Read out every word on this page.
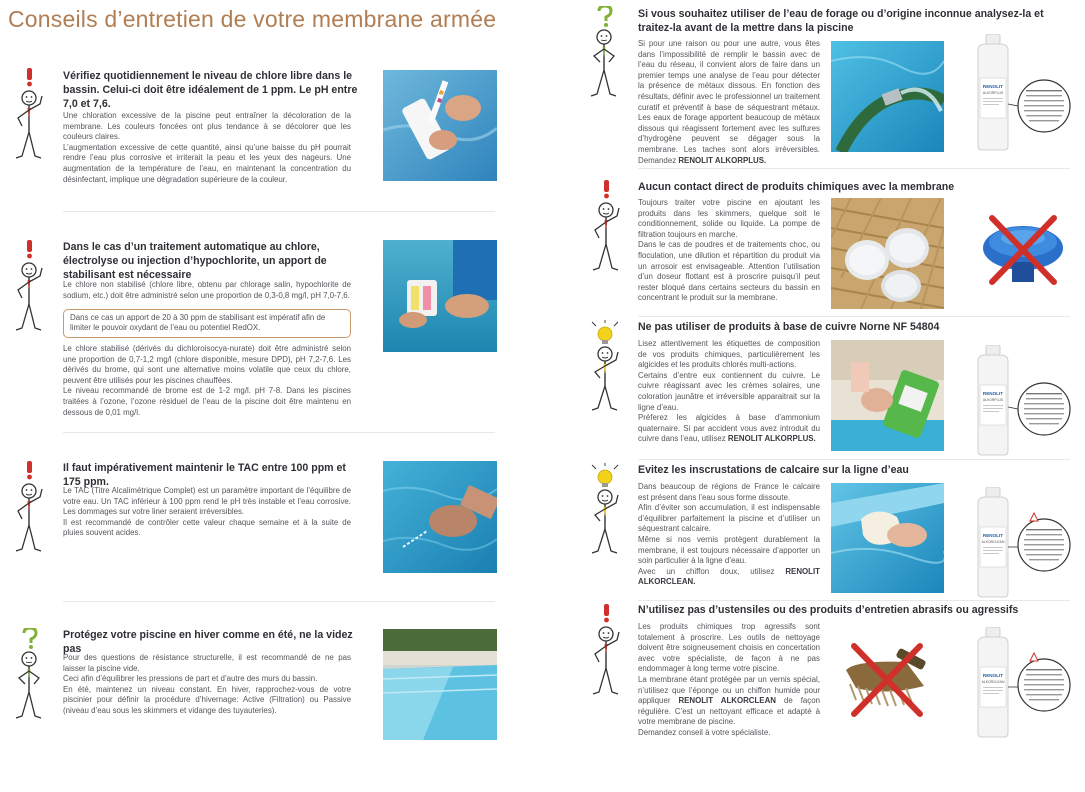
Conseils d’entretien de votre membrane armée
Vérifiez quotidiennement le niveau de chlore libre dans le bassin. Celui-ci doit être idéalement de 1 ppm. Le pH entre 7,0 et 7,6.

Une chloration excessive de la piscine peut entraîner la décoloration de la membrane. Les couleurs foncées ont plus tendance à se décolorer que les couleurs claires.

L’augmentation excessive de cette quantité, ainsi qu’une baisse du pH pourrait rendre l’eau plus corrosive et irriterait la peau et les yeux des nageurs. Une augmentation de la température de l’eau, en maintenant la concentration du désinfectant, implique une dégradation supérieure de la couleur.

Dans le cas d’un traitement automatique au chlore, électrolyse ou injection d’hypochlorite, un apport de stabilisant est nécessaire
Le chlore non stabilisé (chlore libre, obtenu par chlorage salin, hypochlorite de sodium, etc.) doit être administré selon une proportion de 0,3-0,8 mg/l, pH 7,0-7,6.
Dans ce cas un apport de 20 à 30 ppm de stabilisant est impératif afin de limiter le pouvoir oxydant de l’eau ou potentiel RedOX.

Le chlore stabilisé (dérivés du dichloroisocya-nurate) doit être administré selon une proportion de 0,7-1,2 mg/l (chlore disponible, mesure DPD), pH 7,2-7,6. Les dérivés du brome, qui sont une alternative moins volatile que ceux du chlore, peuvent être utilisés pour les piscines chauffées.

Le niveau recommandé de brome est de 1-2 mg/l. pH 7-8. Dans les piscines traitées à l’ozone, l’ozone résiduel de l’eau de la piscine doit être maintenu en dessous de 0,01 mg/l.

Il faut impérativement maintenir le TAC entre 100 ppm et 175 ppm.

Le TAC (Titre Alcalimétrique Complet) est un paramètre important de l’équilibre de votre eau. Un TAC inférieur à 100 ppm rend le pH très instable et l’eau corrosive. Les dommages sur votre liner seraient irréversibles.

Il est recommandé de contrôler cette valeur chaque semaine et à la suite de pluies souvent acides.

Protégez votre piscine en hiver comme en été, ne la videz pas

Pour des questions de résistance structurelle, il est recommandé de ne pas laisser la piscine vide.

Ceci afin d’équilibrer les pressions de part et d’autre des murs du bassin.

En été, maintenez un niveau constant. En hiver, rapprochez-vous de votre piscinier pour définir la procédure d’hivernage: Active (Filtration) ou Passive (niveau d’eau sous les skimmers et vidange des tuyauteries).

Si vous souhaitez utiliser de l’eau de forage ou d’origine inconnue analysez-la et traitez-la avant de la mettre dans la piscine
Si pour une raison ou pour une autre, vous êtes dans l’impossibilité de remplir le bassin avec de l’eau du réseau, il convient alors de faire dans un premier temps une analyse de l’eau pour détecter la présence de métaux dissous. En fonction des résultats, définir avec le professionnel un traitement curatif et préventif à base de séquestrant métaux. Les eaux de forage apportent beaucoup de métaux dissous qui réagissent fortement avec les sulfures d’hydrogène peuvent se dégager sous la membrane. Les taches sont alors irréversibles. Demandez RENOLIT ALKORPLUS.
RENOLIT
ALKORPLUS
Aucun contact direct de produits chimiques avec la membrane

Toujours traiter votre piscine en ajoutant les produits dans les skimmers, quelque soit le conditionnement, solide ou liquide. La pompe de filtration toujours en marche.

Dans le cas de poudres et de traitements choc, ou floculation, une dilution et répartition du produit via un arrosoir est envisageable. Attention l’utilisation d’un doseur flottant est à proscrire puisqu’il peut rester bloqué dans certains secteurs du bassin en concentrant le produit sur la membrane.

Ne pas utiliser de produits à base de cuivre Norne NF 54804

Lisez attentivement les étiquettes de composition de vos produits chimiques, particulièrement les algicides et les produits chlorés multi-actions.

Certains d’entre eux contiennent du cuivre. Le cuivre réagissant avec les crèmes solaires, une coloration jaunâtre et irréversible apparaitrait sur la ligne d’eau.

Préferez les algicides à base d’ammonium quaternaire. Si par accident vous avez introduit du cuivre dans l’eau, utilisez RENOLIT ALKORPLUS.

RENOLIT
ALKORPLUS
Evitez les inscrustations de calcaire sur la ligne d’eau

Dans beaucoup de régions de France le calcaire est présent dans l’eau sous forme dissoute.

Afin d’éviter son accumulation, il est indispensable d’équilibrer parfaitement la piscine et d’utiliser un séquestrant calcaire.

Même si nos vernis protègent durablement la membrane, il est toujours nécessaire d’apporter un soin particulier à la ligne d’eau.

Avec un chiffon doux, utilisez RENOLIT ALKORCLEAN.

RENOLIT
ALKORCLEAN
N’utilisez pas d’ustensiles ou des produits d’entretien abrasifs ou agressifs

Les produits chimiques trop agressifs sont totalement à proscrire. Les outils de nettoyage doivent être soigneusement choisis en concertation avec votre spécialiste, de façon à ne pas endommager à long terme votre piscine.

La membrane étant protégée par un vernis spécial, n’utilisez que l’éponge ou un chiffon humide pour appliquer RENOLIT ALKORCLEAN de façon régulière. C’est un nettoyant efficace et adapté à votre membrane de piscine.

Demandez conseil à votre spécialiste.

RENOLIT
ALKORCLEAN
